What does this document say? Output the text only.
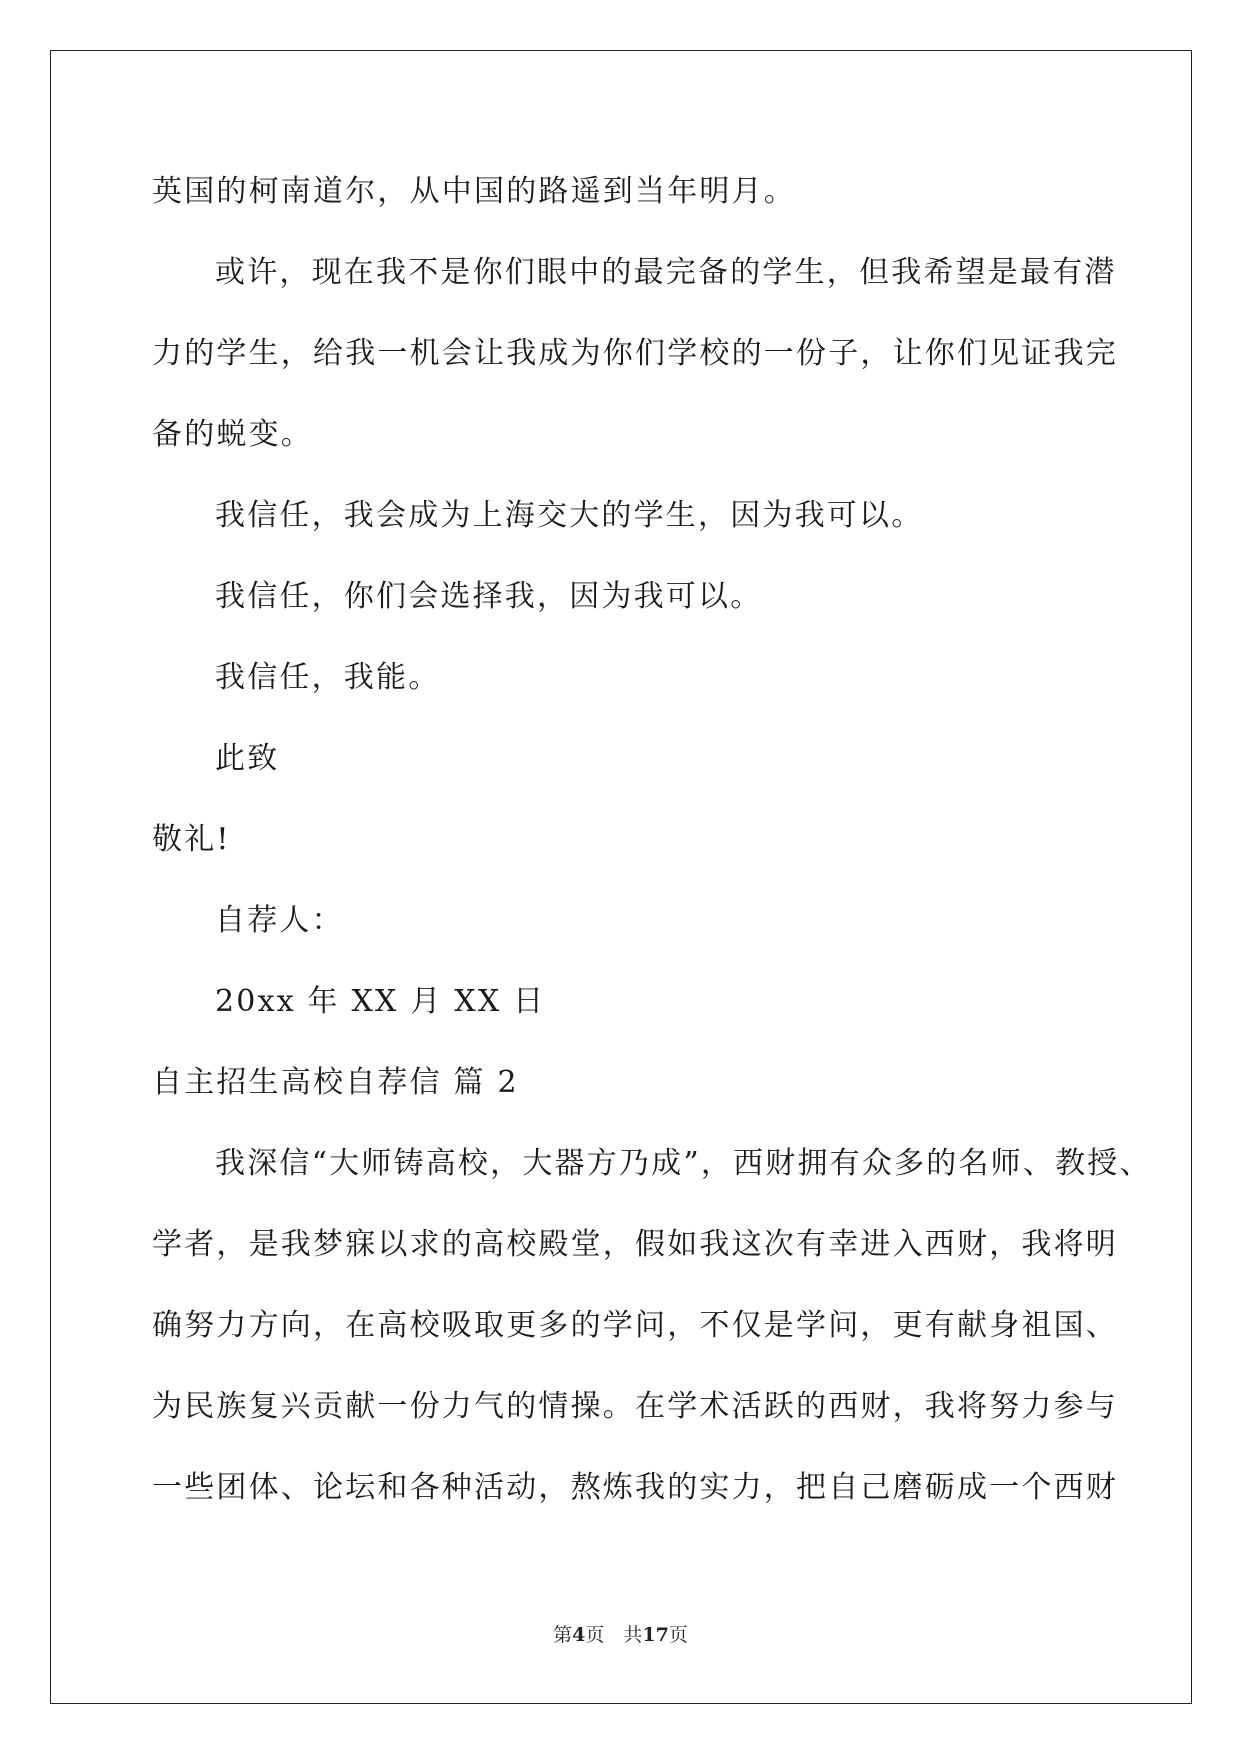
英国的柯南道尔，从中国的路遥到当年明月。
或许，现在我不是你们眼中的最完备的学生，但我希望是最有潜
力的学生，给我一机会让我成为你们学校的一份子，让你们见证我完
备的蜕变。
我信任，我会成为上海交大的学生，因为我可以。
我信任，你们会选择我，因为我可以。
我信任，我能。
此致
敬礼!
自荐人：
20xx 年 XX 月 XX 日
自主招生高校自荐信 篇 2
我深信“大师铸高校，大器方乃成”，西财拥有众多的名师、教授、
学者，是我梦寐以求的高校殿堂，假如我这次有幸进入西财，我将明
确努力方向，在高校吸取更多的学问，不仅是学问，更有献身祖国、
为民族复兴贡献一份力气的情操。在学术活跃的西财，我将努力参与
一些团体、论坛和各种活动，熬炼我的实力，把自己磨砺成一个西财
第4页　共17页
